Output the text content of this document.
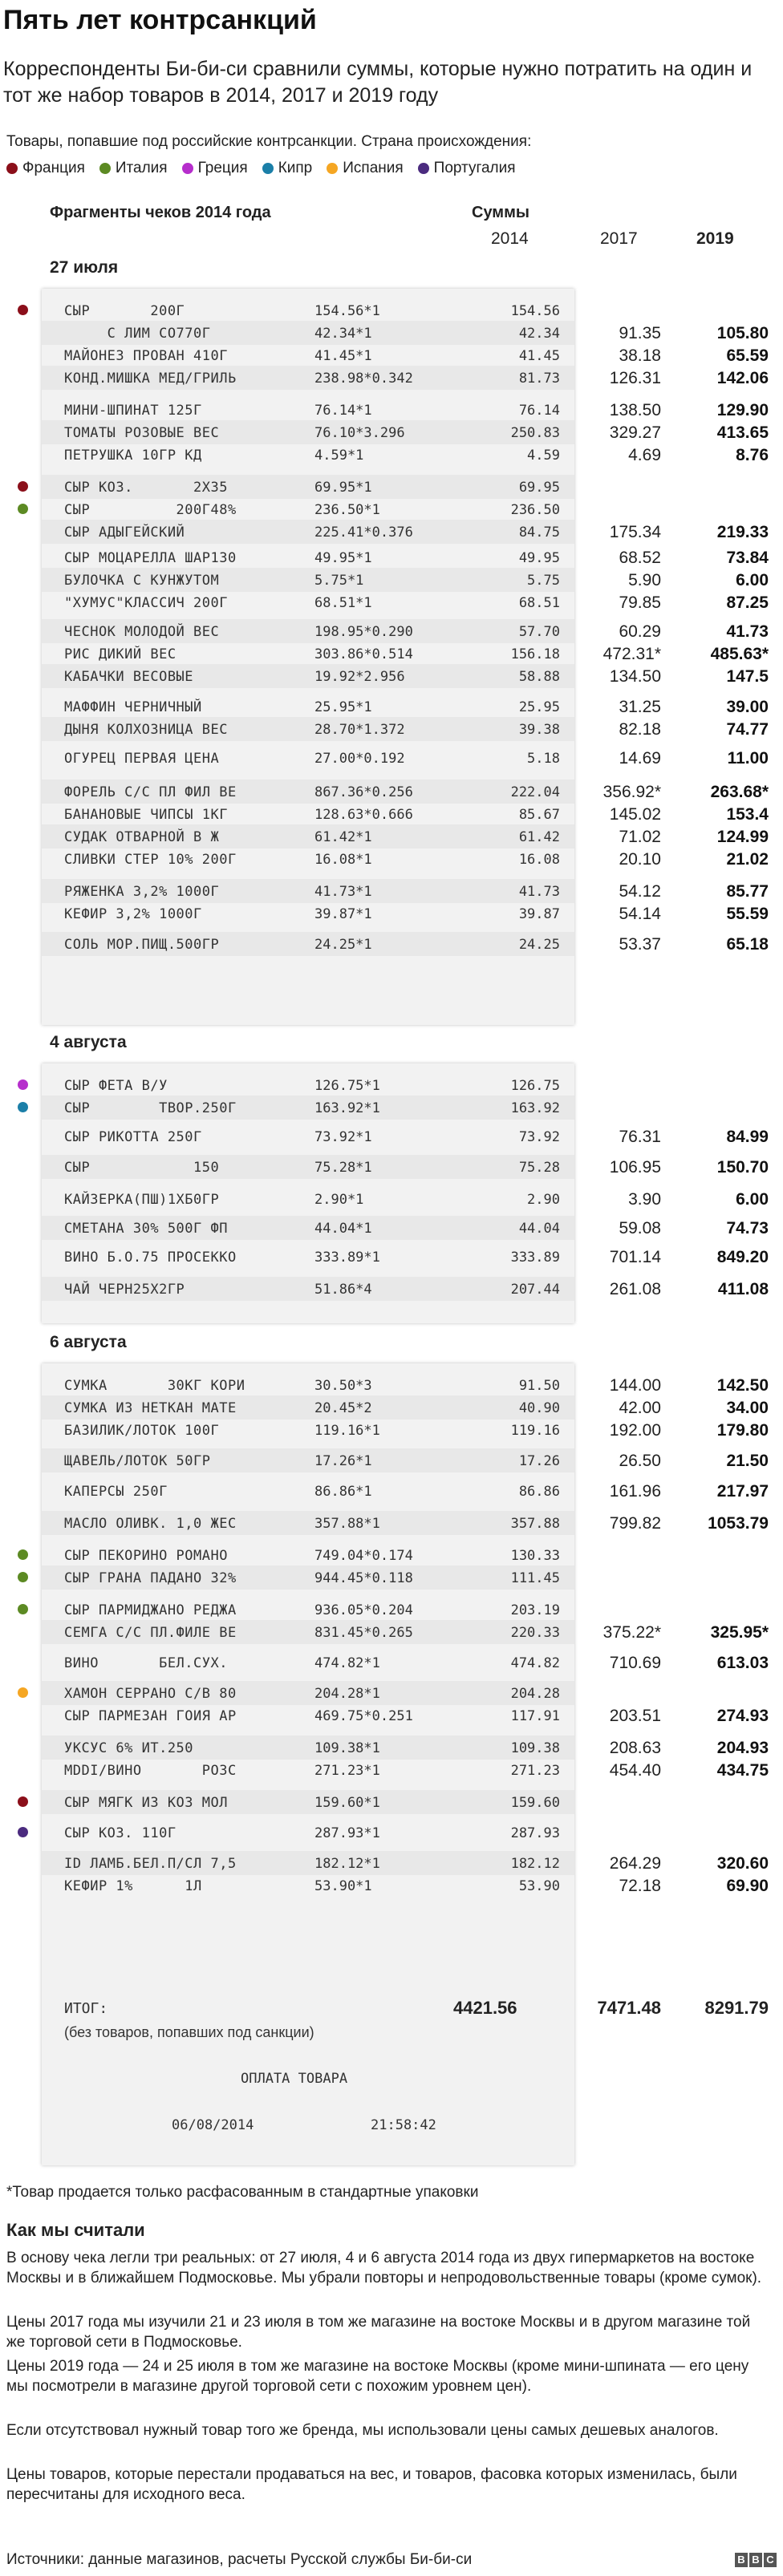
Пять лет контрсанкций
Корреспонденты Би-би-си сравнили суммы, которые нужно потратить на один и тот же набор товаров в 2014, 2017 и 2019 году
Товары, попавшие под российские контрсанкции. Страна происхождения:
Франция Италия Греция Кипр Испания Португалия
Фрагменты чеков 2014 года	Суммы
2014	2017	2019
27 июля
4 августа
6 августа
СЫР       200Г	154.56*1	154.56
С ЛИМ СО770Г	42.34*1	42.34	91.35	105.80
МАЙОНЕЗ ПРОВАН 410Г	41.45*1	41.45	38.18	65.59
КОНД.МИШКА МЕД/ГРИЛЬ	238.98*0.342	81.73	126.31	142.06
МИНИ-ШПИНАТ 125Г	76.14*1	76.14	138.50	129.90
ТОМАТЫ РОЗОВЫЕ ВЕС	76.10*3.296	250.83	329.27	413.65
ПЕТРУШКА 10ГР КД	4.59*1	4.59	4.69	8.76
СЫР КОЗ.       2Х35	69.95*1	69.95
СЫР          200Г48%	236.50*1	236.50
СЫР АДЫГЕЙСКИЙ	225.41*0.376	84.75	175.34	219.33
СЫР МОЦАРЕЛЛА ШАР130	49.95*1	49.95	68.52	73.84
БУЛОЧКА С КУНЖУТОМ	5.75*1	5.75	5.90	6.00
"ХУМУС"КЛАССИЧ 200Г	68.51*1	68.51	79.85	87.25
ЧЕСНОК МОЛОДОЙ ВЕС	198.95*0.290	57.70	60.29	41.73
РИС ДИКИЙ ВЕС	303.86*0.514	156.18	472.31*	485.63*
КАБАЧКИ ВЕСОВЫЕ	19.92*2.956	58.88	134.50	147.5
МАФФИН ЧЕРНИЧНЫЙ	25.95*1	25.95	31.25	39.00
ДЫНЯ КОЛХОЗНИЦА ВЕС	28.70*1.372	39.38	82.18	74.77
ОГУРЕЦ ПЕРВАЯ ЦЕНА	27.00*0.192	5.18	14.69	11.00
ФОРЕЛЬ С/С ПЛ ФИЛ ВЕ	867.36*0.256	222.04	356.92*	263.68*
БАНАНОВЫЕ ЧИПСЫ 1КГ	128.63*0.666	85.67	145.02	153.4
СУДАК ОТВАРНОЙ В Ж	61.42*1	61.42	71.02	124.99
СЛИВКИ СТЕР 10% 200Г	16.08*1	16.08	20.10	21.02
РЯЖЕНКА 3,2% 1000Г	41.73*1	41.73	54.12	85.77
КЕФИР 3,2% 1000Г	39.87*1	39.87	54.14	55.59
СОЛЬ МОР.ПИЩ.500ГР	24.25*1	24.25	53.37	65.18
СЫР ФЕТА В/У	126.75*1	126.75
СЫР        ТВОР.250Г	163.92*1	163.92
СЫР РИКОТТА 250Г	73.92*1	73.92	76.31	84.99
СЫР            150	75.28*1	75.28	106.95	150.70
КАЙЗЕРКА(ПШ)1ХБ0ГР	2.90*1	2.90	3.90	6.00
СМЕТАНА 30% 500Г ФП	44.04*1	44.04	59.08	74.73
ВИНО Б.О.75 ПРОСЕККО	333.89*1	333.89	701.14	849.20
ЧАЙ ЧЕРН25Х2ГР	51.86*4	207.44	261.08	411.08
СУМКА       30КГ КОРИ	30.50*3	91.50	144.00	142.50
СУМКА ИЗ НЕТКАН МАТЕ	20.45*2	40.90	42.00	34.00
БАЗИЛИК/ЛОТОК 100Г	119.16*1	119.16	192.00	179.80
ЩАВЕЛЬ/ЛОТОК 50ГР	17.26*1	17.26	26.50	21.50
КАПЕРСЫ 250Г	86.86*1	86.86	161.96	217.97
МАСЛО ОЛИВК. 1,0 ЖЕС	357.88*1	357.88	799.82	1053.79
СЫР ПЕКОРИНО РОМАНО	749.04*0.174	130.33
СЫР ГРАНА ПАДАНО 32%	944.45*0.118	111.45
СЫР ПАРМИДЖАНО РЕДЖА	936.05*0.204	203.19
СЕМГА С/С ПЛ.ФИЛЕ ВЕ	831.45*0.265	220.33	375.22*	325.95*
ВИНО       БЕЛ.СУХ.	474.82*1	474.82	710.69	613.03
ХАМОН СЕРРАНО С/В 80	204.28*1	204.28
СЫР ПАРМЕЗАН ГОИЯ АР	469.75*0.251	117.91	203.51	274.93
УКСУС 6% ИТ.250	109.38*1	109.38	208.63	204.93
MDDI/ВИНО       РОЗС	271.23*1	271.23	454.40	434.75
СЫР МЯГК ИЗ КОЗ МОЛ	159.60*1	159.60
СЫР КОЗ. 110Г	287.93*1	287.93
ID ЛАМБ.БЕЛ.П/СЛ 7,5	182.12*1	182.12	264.29	320.60
КЕФИР 1%      1Л	53.90*1	53.90	72.18	69.90
ИТОГ:
(без товаров, попавших под санкции)
4421.56	7471.48	8291.79
ОПЛАТА ТОВАРА
06/08/2014	21:58:42
*Товар продается только расфасованным в стандартные упаковки
Как мы считали
В основу чека легли три реальных: от 27 июля, 4 и 6 августа 2014 года из двух гипермаркетов на востоке Москвы и в ближайшем Подмосковье. Мы убрали повторы и непродовольственные товары (кроме сумок).
Цены 2017 года мы изучили 21 и 23 июля в том же магазине на востоке Москвы и в другом магазине той же торговой сети в Подмосковье.
Цены 2019 года — 24 и 25 июля в том же магазине на востоке Москвы (кроме мини-шпината — его цену мы посмотрели в магазине другой торговой сети с похожим уровнем цен).
Если отсутствовал нужный товар того же бренда, мы использовали цены самых дешевых аналогов.
Цены товаров, которые перестали продаваться на вес, и товаров, фасовка которых изменилась, были пересчитаны для исходного веса.
Источники: данные магазинов, расчеты Русской службы Би-би-си	B B C
